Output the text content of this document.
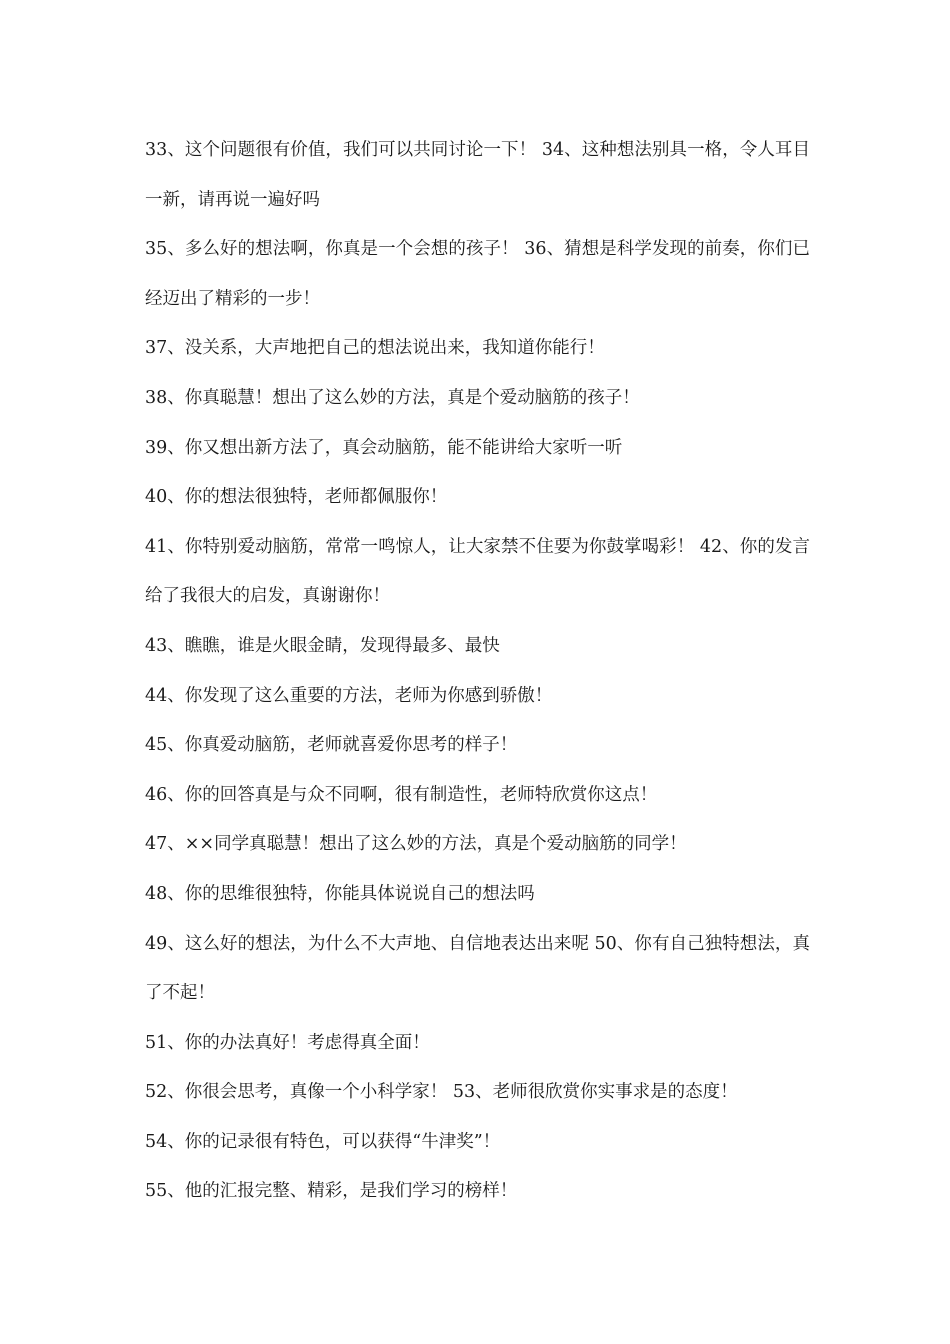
33、这个问题很有价值，我们可以共同讨论一下！ 34、这种想法别具一格，令人耳目一新，请再说一遍好吗

35、多么好的想法啊，你真是一个会想的孩子！ 36、猜想是科学发现的前奏，你们已经迈出了精彩的一步！

37、没关系，大声地把自己的想法说出来，我知道你能行！

38、你真聪慧！想出了这么妙的方法，真是个爱动脑筋的孩子！

39、你又想出新方法了，真会动脑筋，能不能讲给大家听一听

40、你的想法很独特，老师都佩服你！

41、你特别爱动脑筋，常常一鸣惊人，让大家禁不住要为你鼓掌喝彩！ 42、你的发言给了我很大的启发，真谢谢你！

43、瞧瞧，谁是火眼金睛，发现得最多、最快

44、你发现了这么重要的方法，老师为你感到骄傲！

45、你真爱动脑筋，老师就喜爱你思考的样子！

46、你的回答真是与众不同啊，很有制造性，老师特欣赏你这点！

47、××同学真聪慧！想出了这么妙的方法，真是个爱动脑筋的同学！

48、你的思维很独特，你能具体说说自己的想法吗

49、这么好的想法，为什么不大声地、自信地表达出来呢 50、你有自己独特想法，真了不起！

51、你的办法真好！考虑得真全面！

52、你很会思考，真像一个小科学家！ 53、老师很欣赏你实事求是的态度！

54、你的记录很有特色，可以获得“牛津奖”！

55、他的汇报完整、精彩，是我们学习的榜样！
